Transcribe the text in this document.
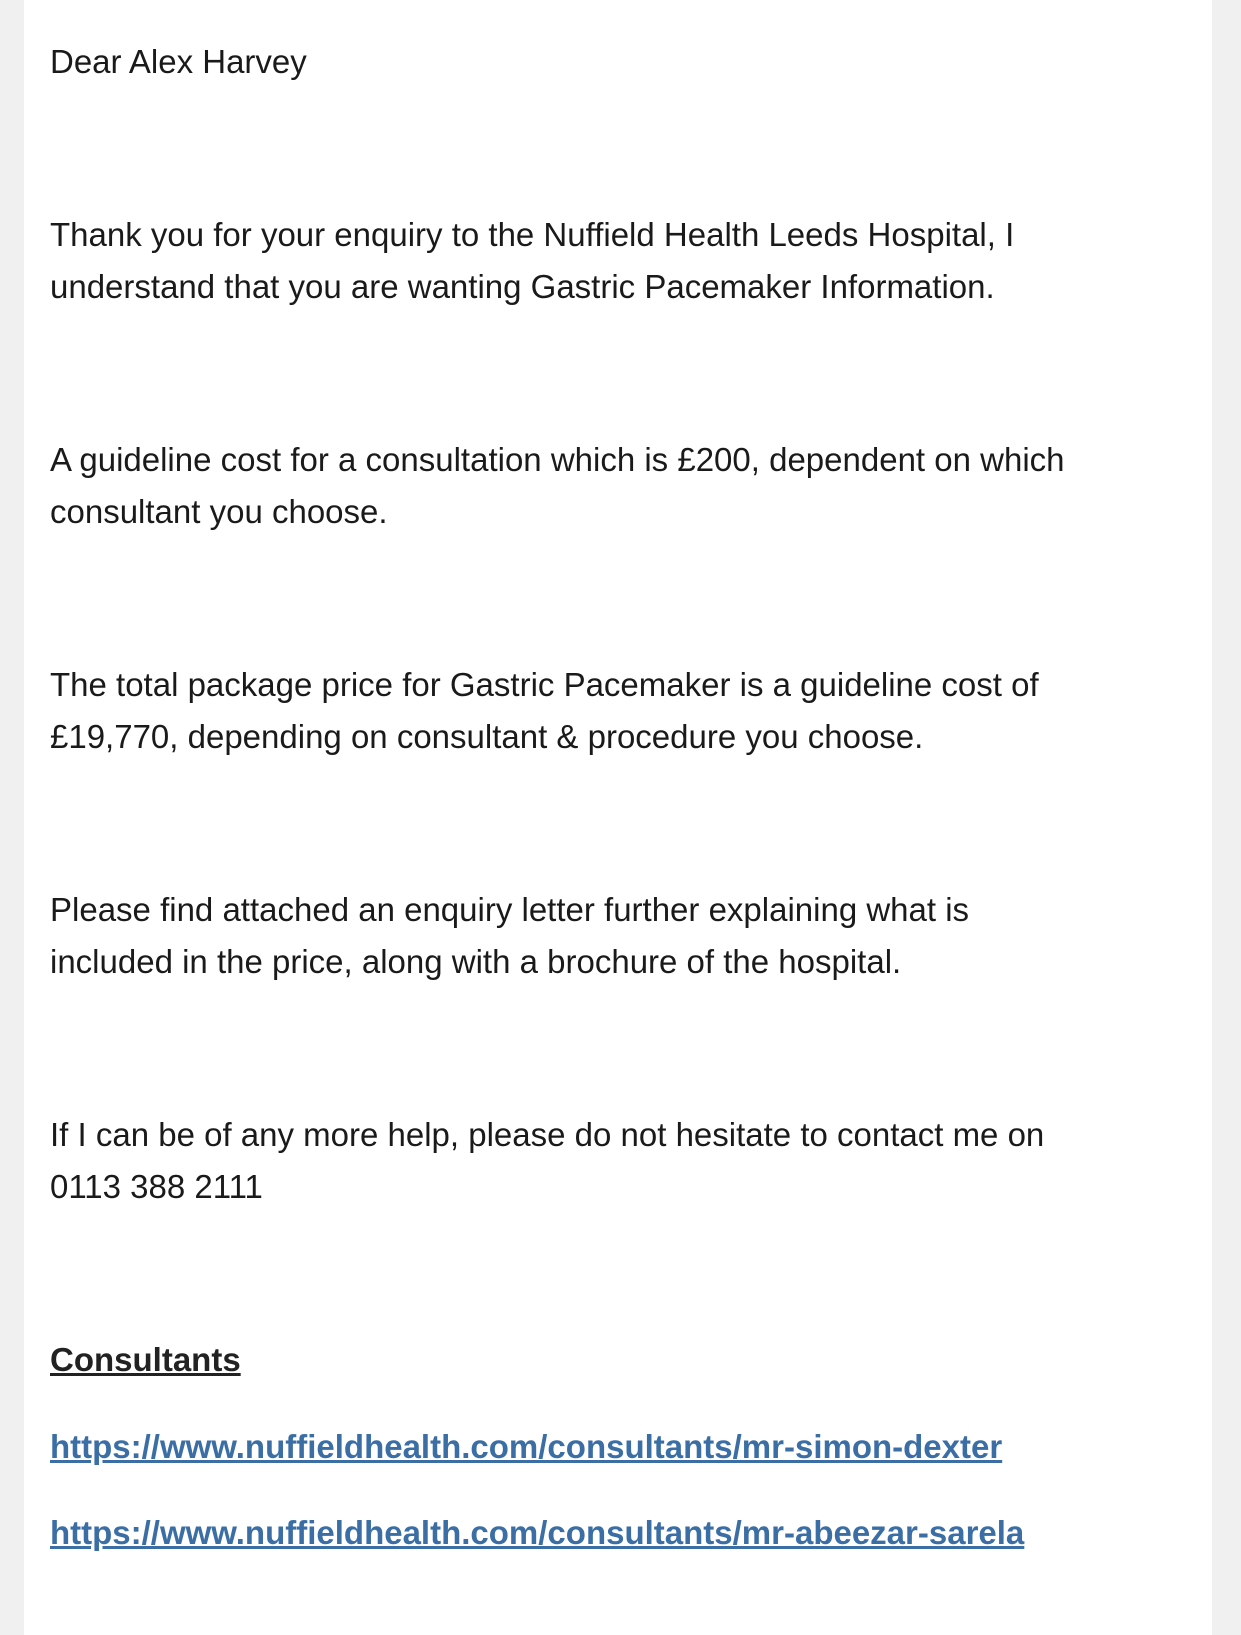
Dear Alex Harvey

Thank you for your enquiry to the Nuffield Health Leeds Hospital, I

understand that you are wanting Gastric Pacemaker Information.

A guideline cost for a consultation which is £200, dependent on which

consultant you choose.

The total package price for Gastric Pacemaker is a guideline cost of

£19,770, depending on consultant & procedure you choose.

Please find attached an enquiry letter further explaining what is

included in the price, along with a brochure of the hospital.

If I can be of any more help, please do not hesitate to contact me on

0113 388 2111

Consultants

https://www.nuffieldhealth.com/consultants/mr-simon-dexter
https://www.nuffieldhealth.com/consultants/mr-abeezar-sarela
